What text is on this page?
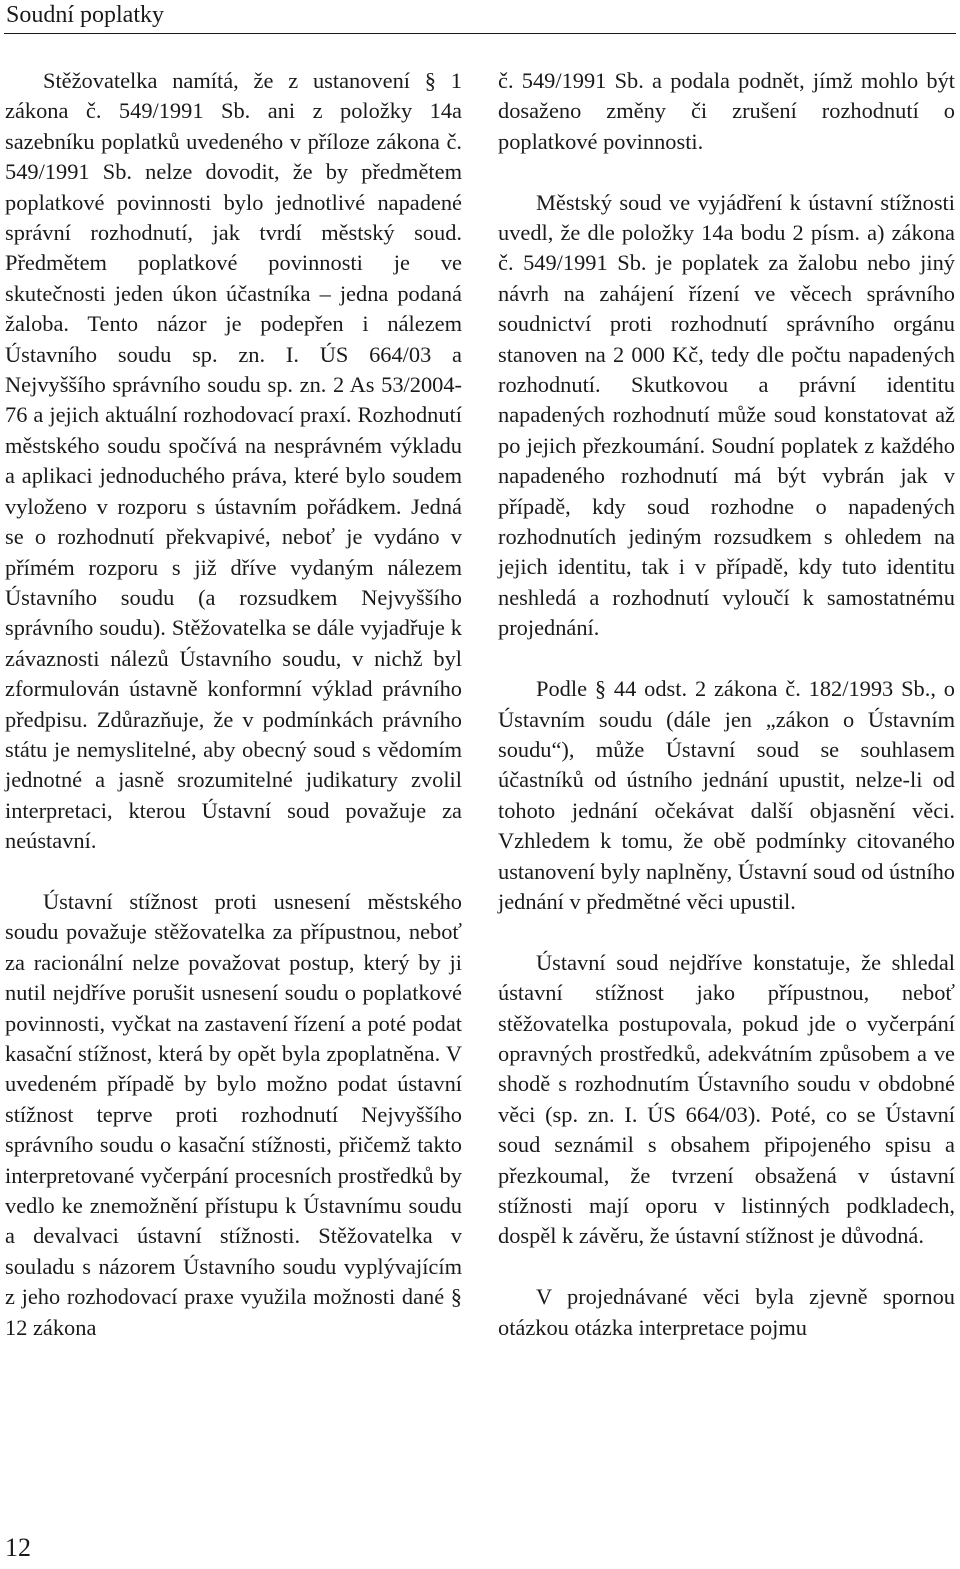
Soudní poplatky

Stěžovatelka namítá, že z ustanovení § 1 zákona č. 549/1991 Sb. ani z položky 14a sazebníku poplatků uvedeného v příloze zákona č. 549/1991 Sb. nelze dovodit, že by předmětem poplatkové povinnosti bylo jednotlivé napadené správní rozhodnutí, jak tvrdí městský soud. Předmětem poplatkové povinnosti je ve skutečnosti jeden úkon účastníka – jedna podaná žaloba. Tento názor je podepřen i nálezem Ústavního soudu sp. zn. I. ÚS 664/03 a Nejvyššího správního soudu sp. zn. 2 As 53/2004-76 a jejich aktuální rozhodovací praxí. Rozhodnutí městského soudu spočívá na nesprávném výkladu a aplikaci jednoduchého práva, které bylo soudem vyloženo v rozporu s ústavním pořádkem. Jedná se o rozhodnutí překvapivé, neboť je vydáno v přímém rozporu s již dříve vydaným nálezem Ústavního soudu (a rozsudkem Nejvyššího správního soudu). Stěžovatelka se dále vyjadřuje k závaznosti nálezů Ústavního soudu, v nichž byl zformulován ústavně konformní výklad právního předpisu. Zdůrazňuje, že v podmínkách právního státu je nemyslitelné, aby obecný soud s vědomím jednotné a jasně srozumitelné judikatury zvolil interpretaci, kterou Ústavní soud považuje za neústavní.

Ústavní stížnost proti usnesení městského soudu považuje stěžovatelka za přípustnou, neboť za racionální nelze považovat postup, který by ji nutil nejdříve porušit usnesení soudu o poplatkové povinnosti, vyčkat na zastavení řízení a poté podat kasační stížnost, která by opět byla zpoplatněna. V uvedeném případě by bylo možno podat ústavní stížnost teprve proti rozhodnutí Nejvyššího správního soudu o kasační stížnosti, přičemž takto interpretované vyčerpání procesních prostředků by vedlo ke znemožnění přístupu k Ústavnímu soudu a devalvaci ústavní stížnosti. Stěžovatelka v souladu s názorem Ústavního soudu vyplývajícím z jeho rozhodovací praxe využila možnosti dané § 12 zákona

č. 549/1991 Sb. a podala podnět, jímž mohlo být dosaženo změny či zrušení rozhodnutí o poplatkové povinnosti.

Městský soud ve vyjádření k ústavní stížnosti uvedl, že dle položky 14a bodu 2 písm. a) zákona č. 549/1991 Sb. je poplatek za žalobu nebo jiný návrh na zahájení řízení ve věcech správního soudnictví proti rozhodnutí správního orgánu stanoven na 2 000 Kč, tedy dle počtu napadených rozhodnutí. Skutkovou a právní identitu napadených rozhodnutí může soud konstatovat až po jejich přezkoumání. Soudní poplatek z každého napadeného rozhodnutí má být vybrán jak v případě, kdy soud rozhodne o napadených rozhodnutích jediným rozsudkem s ohledem na jejich identitu, tak i v případě, kdy tuto identitu neshledá a rozhodnutí vyloučí k samostatnému projednání.

Podle § 44 odst. 2 zákona č. 182/1993 Sb., o Ústavním soudu (dále jen „zákon o Ústavním soudu“), může Ústavní soud se souhlasem účastníků od ústního jednání upustit, nelze-li od tohoto jednání očekávat další objasnění věci. Vzhledem k tomu, že obě podmínky citovaného ustanovení byly naplněny, Ústavní soud od ústního jednání v předmětné věci upustil.

Ústavní soud nejdříve konstatuje, že shledal ústavní stížnost jako přípustnou, neboť stěžovatelka postupovala, pokud jde o vyčerpání opravných prostředků, adekvátním způsobem a ve shodě s rozhodnutím Ústavního soudu v obdobné věci (sp. zn. I. ÚS 664/03). Poté, co se Ústavní soud seznámil s obsahem připojeného spisu a přezkoumal, že tvrzení obsažená v ústavní stížnosti mají oporu v listinných podkladech, dospěl k závěru, že ústavní stížnost je důvodná.

V projednávané věci byla zjevně spornou otázkou otázka interpretace pojmu

12
